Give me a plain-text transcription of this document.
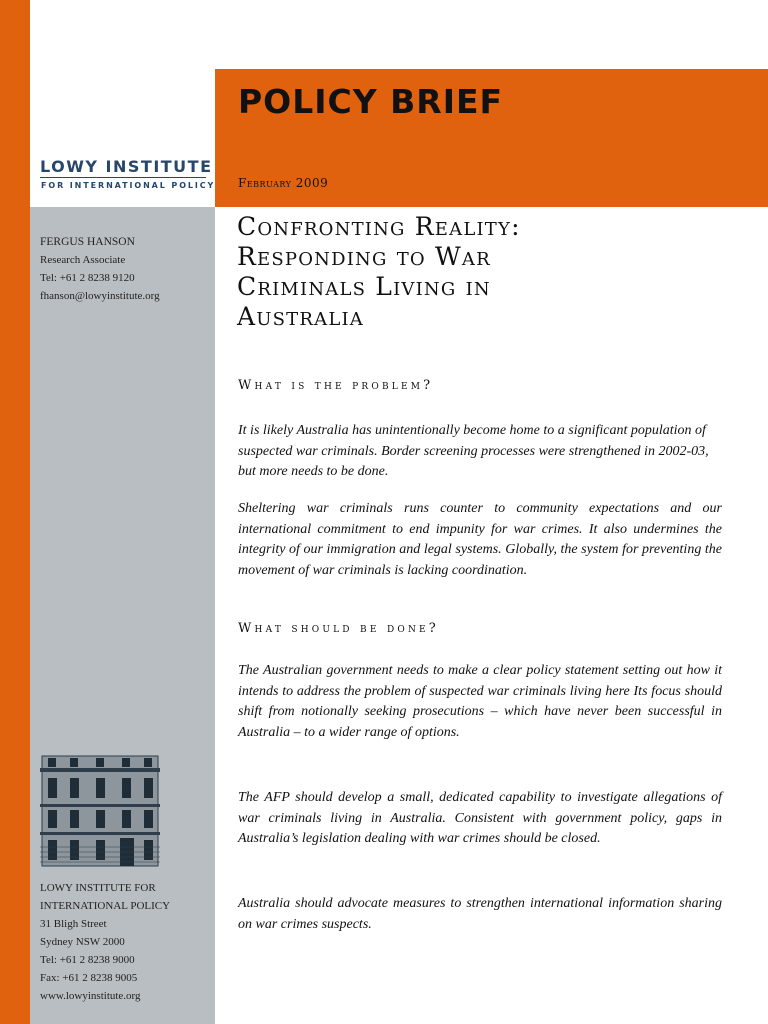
POLICY BRIEF
February 2009
LOWY INSTITUTE
FOR INTERNATIONAL POLICY
FERGUS HANSON
Research Associate
Tel: +61 2 8238 9120
fhanson@lowyinstitute.org
LOWY INSTITUTE FOR
INTERNATIONAL POLICY
31 Bligh Street
Sydney NSW 2000
Tel: +61 2 8238 9000
Fax: +61 2 8238 9005
www.lowyinstitute.org
Confronting Reality:
Responding to War
Criminals Living in
Australia
What is the problem?

It is likely Australia has unintentionally become home to a significant population of suspected war criminals. Border screening processes were strengthened in 2002-03, but more needs to be done.

Sheltering war criminals runs counter to community expectations and our international commitment to end impunity for war crimes. It also undermines the integrity of our immigration and legal systems. Globally, the system for preventing the movement of war criminals is lacking coordination.

What should be done?

The Australian government needs to make a clear policy statement setting out how it intends to address the problem of suspected war criminals living here Its focus should shift from notionally seeking prosecutions – which have never been successful in Australia – to a wider range of options.

The AFP should develop a small, dedicated capability to investigate allegations of war criminals living in Australia. Consistent with government policy, gaps in Australia’s legislation dealing with war crimes should be closed.

Australia should advocate measures to strengthen international information sharing on war crimes suspects.
